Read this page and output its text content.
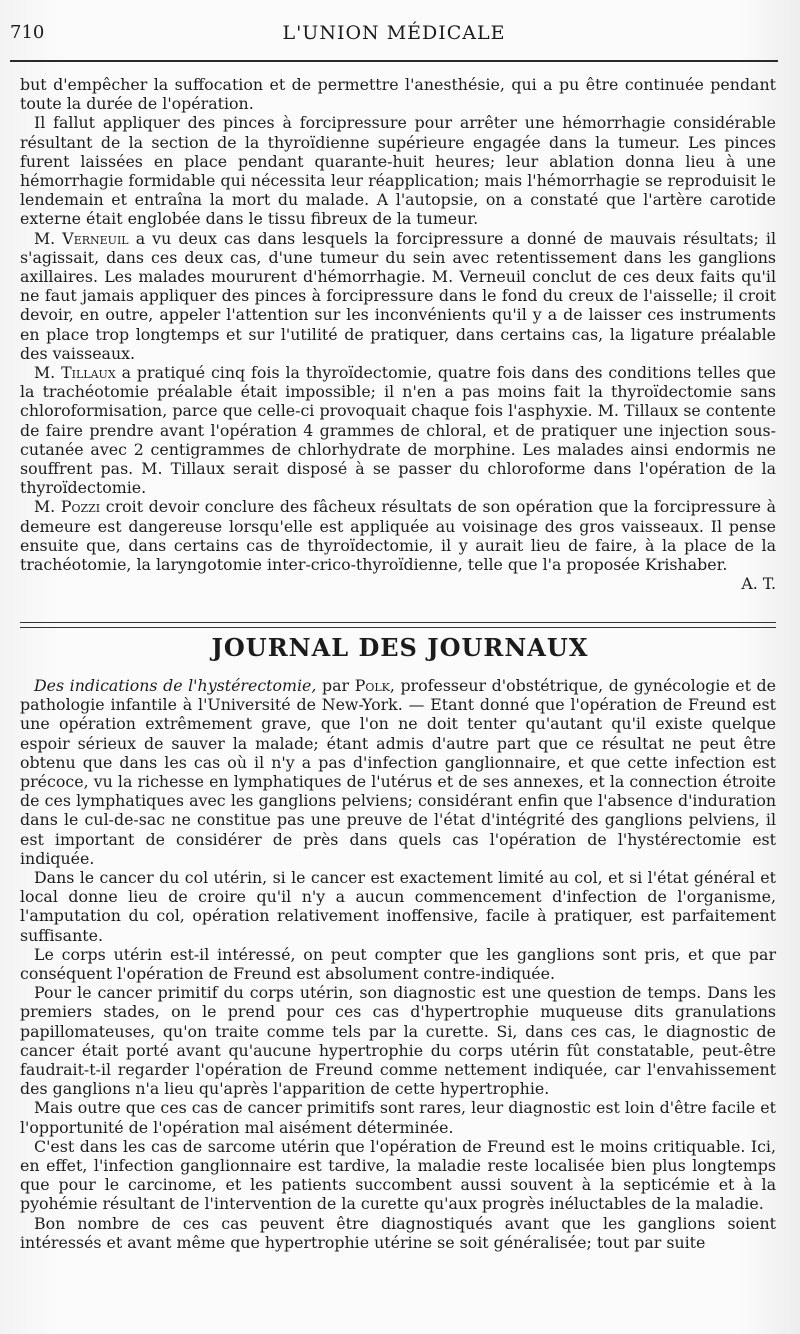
710	L'UNION MÉDICALE

but d'empêcher la suffocation et de permettre l'anesthésie, qui a pu être continuée pendant toute la durée de l'opération.

Il fallut appliquer des pinces à forcipressure pour arrêter une hémorrhagie considérable résultant de la section de la thyroïdienne supérieure engagée dans la tumeur. Les pinces furent laissées en place pendant quarante-huit heures; leur ablation donna lieu à une hémorrhagie formidable qui nécessita leur réapplication; mais l'hémorrhagie se reproduisit le lendemain et entraîna la mort du malade. A l'autopsie, on a constaté que l'artère carotide externe était englobée dans le tissu fibreux de la tumeur.

M. Verneuil a vu deux cas dans lesquels la forcipressure a donné de mauvais résultats; il s'agissait, dans ces deux cas, d'une tumeur du sein avec retentissement dans les ganglions axillaires. Les malades moururent d'hémorrhagie. M. Verneuil conclut de ces deux faits qu'il ne faut jamais appliquer des pinces à forcipressure dans le fond du creux de l'aisselle; il croit devoir, en outre, appeler l'attention sur les inconvénients qu'il y a de laisser ces instruments en place trop longtemps et sur l'utilité de pratiquer, dans certains cas, la ligature préalable des vaisseaux.

M. Tillaux a pratiqué cinq fois la thyroïdectomie, quatre fois dans des conditions telles que la trachéotomie préalable était impossible; il n'en a pas moins fait la thyroïdectomie sans chloroformisation, parce que celle-ci provoquait chaque fois l'asphyxie. M. Tillaux se contente de faire prendre avant l'opération 4 grammes de chloral, et de pratiquer une injection sous-cutanée avec 2 centigrammes de chlorhydrate de morphine. Les malades ainsi endormis ne souffrent pas. M. Tillaux serait disposé à se passer du chloroforme dans l'opération de la thyroïdectomie.

M. Pozzi croit devoir conclure des fâcheux résultats de son opération que la forcipressure à demeure est dangereuse lorsqu'elle est appliquée au voisinage des gros vaisseaux. Il pense ensuite que, dans certains cas de thyroïdectomie, il y aurait lieu de faire, à la place de la trachéotomie, la laryngotomie inter-crico-thyroïdienne, telle que l'a proposée Krishaber.

A. T.
JOURNAL DES JOURNAUX

Des indications de l'hystérectomie, par Polk, professeur d'obstétrique, de gynécologie et de pathologie infantile à l'Université de New-York. — Etant donné que l'opération de Freund est une opération extrêmement grave, que l'on ne doit tenter qu'autant qu'il existe quelque espoir sérieux de sauver la malade; étant admis d'autre part que ce résultat ne peut être obtenu que dans les cas où il n'y a pas d'infection ganglionnaire, et que cette infection est précoce, vu la richesse en lymphatiques de l'utérus et de ses annexes, et la connection étroite de ces lymphatiques avec les ganglions pelviens; considérant enfin que l'absence d'induration dans le cul-de-sac ne constitue pas une preuve de l'état d'intégrité des ganglions pelviens, il est important de considérer de près dans quels cas l'opération de l'hystérectomie est indiquée.

Dans le cancer du col utérin, si le cancer est exactement limité au col, et si l'état général et local donne lieu de croire qu'il n'y a aucun commencement d'infection de l'organisme, l'amputation du col, opération relativement inoffensive, facile à pratiquer, est parfaitement suffisante.

Le corps utérin est-il intéressé, on peut compter que les ganglions sont pris, et que par conséquent l'opération de Freund est absolument contre-indiquée.

Pour le cancer primitif du corps utérin, son diagnostic est une question de temps. Dans les premiers stades, on le prend pour ces cas d'hypertrophie muqueuse dits granulations papillomateuses, qu'on traite comme tels par la curette. Si, dans ces cas, le diagnostic de cancer était porté avant qu'aucune hypertrophie du corps utérin fût constatable, peut-être faudrait-t-il regarder l'opération de Freund comme nettement indiquée, car l'envahissement des ganglions n'a lieu qu'après l'apparition de cette hypertrophie.

Mais outre que ces cas de cancer primitifs sont rares, leur diagnostic est loin d'être facile et l'opportunité de l'opération mal aisément déterminée.

C'est dans les cas de sarcome utérin que l'opération de Freund est le moins critiquable. Ici, en effet, l'infection ganglionnaire est tardive, la maladie reste localisée bien plus longtemps que pour le carcinome, et les patients succombent aussi souvent à la septicémie et à la pyohémie résultant de l'intervention de la curette qu'aux progrès inéluctables de la maladie.

Bon nombre de ces cas peuvent être diagnostiqués avant que les ganglions soient intéressés et avant même que hypertrophie utérine se soit généralisée; tout par suite
